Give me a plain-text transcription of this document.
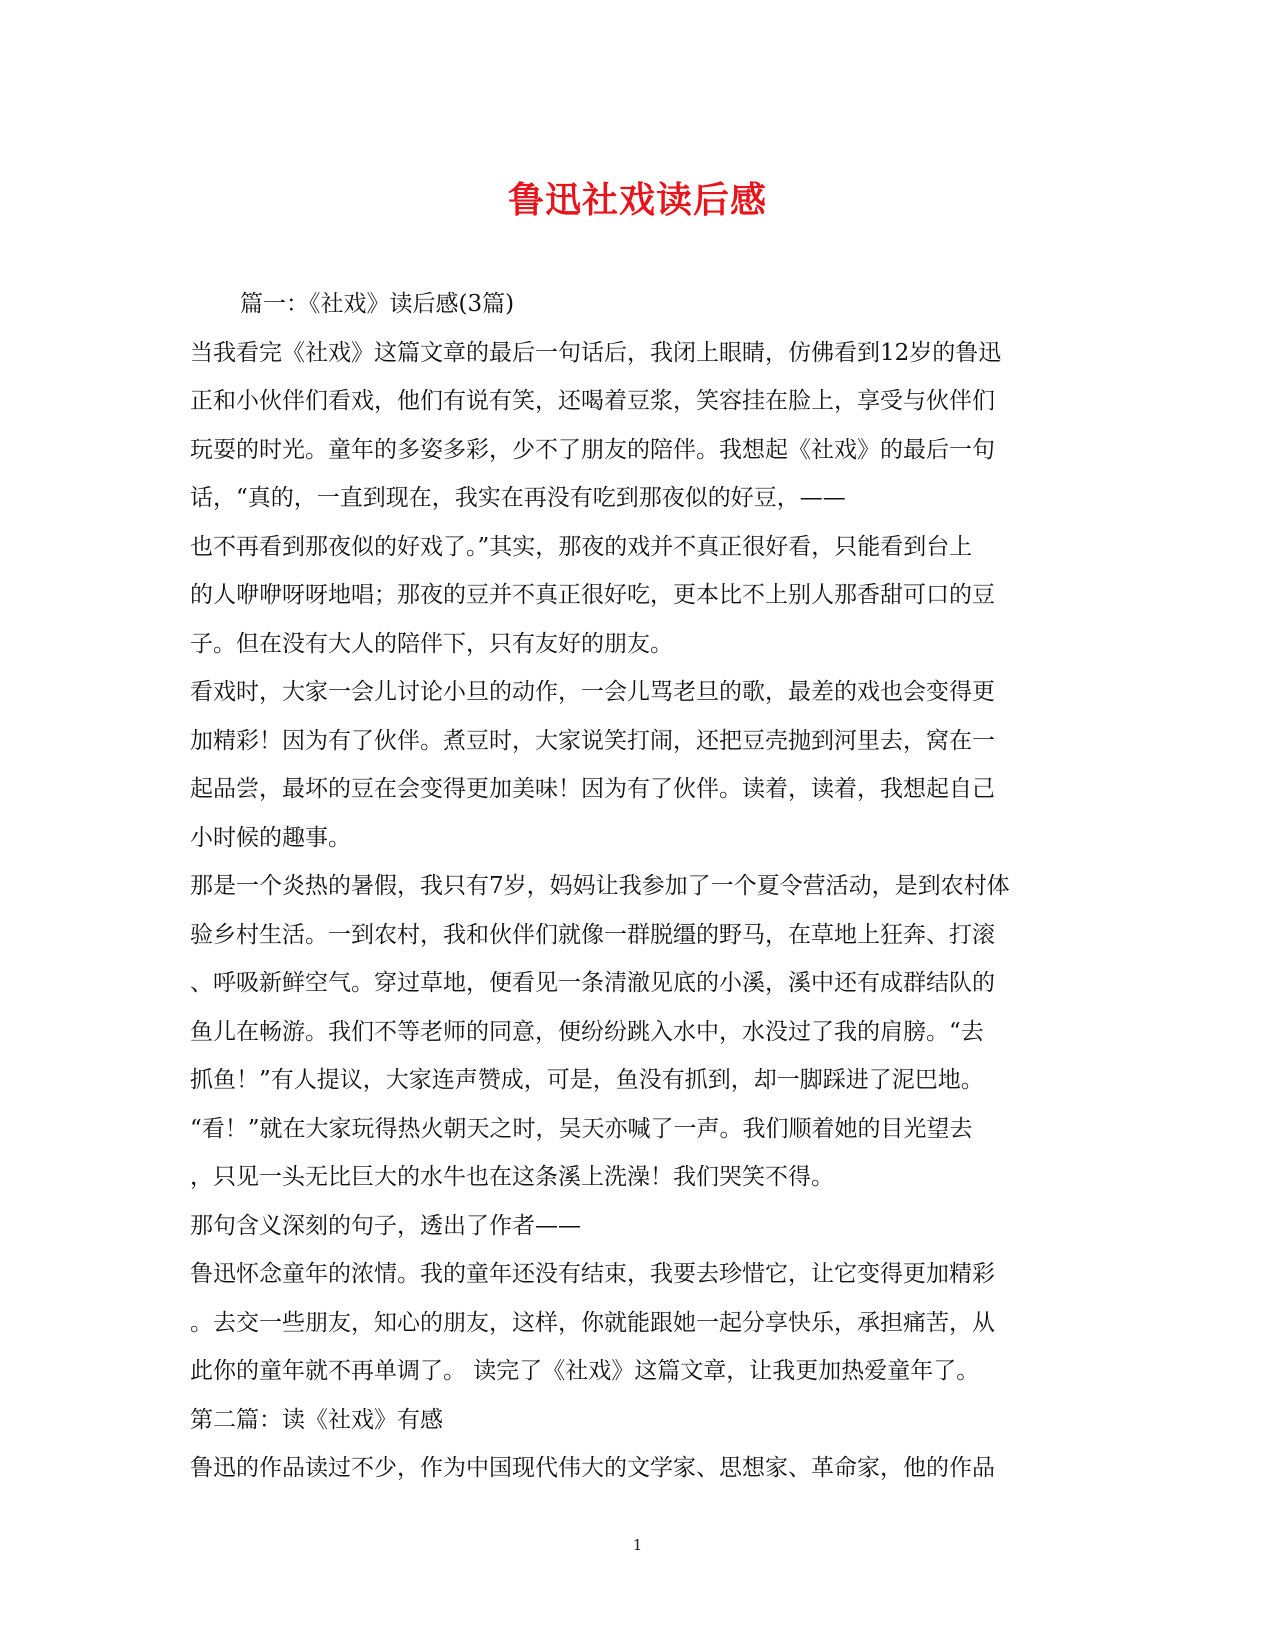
鲁迅社戏读后感
篇一：《社戏》读后感(3篇)
当我看完《社戏》这篇文章的最后一句话后，我闭上眼睛，仿佛看到12岁的鲁迅
正和小伙伴们看戏，他们有说有笑，还喝着豆浆，笑容挂在脸上，享受与伙伴们
玩耍的时光。童年的多姿多彩，少不了朋友的陪伴。我想起《社戏》的最后一句
话，“真的，一直到现在，我实在再没有吃到那夜似的好豆，——
也不再看到那夜似的好戏了。”其实，那夜的戏并不真正很好看，只能看到台上
的人咿咿呀呀地唱；那夜的豆并不真正很好吃，更本比不上别人那香甜可口的豆
子。但在没有大人的陪伴下，只有友好的朋友。
看戏时，大家一会儿讨论小旦的动作，一会儿骂老旦的歌，最差的戏也会变得更
加精彩！因为有了伙伴。煮豆时，大家说笑打闹，还把豆壳抛到河里去，窝在一
起品尝，最坏的豆在会变得更加美味！因为有了伙伴。读着，读着，我想起自己
小时候的趣事。
那是一个炎热的暑假，我只有7岁，妈妈让我参加了一个夏令营活动，是到农村体
验乡村生活。一到农村，我和伙伴们就像一群脱缰的野马，在草地上狂奔、打滚
、呼吸新鲜空气。穿过草地，便看见一条清澈见底的小溪，溪中还有成群结队的
鱼儿在畅游。我们不等老师的同意，便纷纷跳入水中，水没过了我的肩膀。“去
抓鱼！”有人提议，大家连声赞成，可是，鱼没有抓到，却一脚踩进了泥巴地。
“看！”就在大家玩得热火朝天之时，吴天亦喊了一声。我们顺着她的目光望去
，只见一头无比巨大的水牛也在这条溪上洗澡！我们哭笑不得。
那句含义深刻的句子，透出了作者——
鲁迅怀念童年的浓情。我的童年还没有结束，我要去珍惜它，让它变得更加精彩
。去交一些朋友，知心的朋友，这样，你就能跟她一起分享快乐，承担痛苦，从
此你的童年就不再单调了。 读完了《社戏》这篇文章，让我更加热爱童年了。
第二篇：读《社戏》有感
鲁迅的作品读过不少，作为中国现代伟大的文学家、思想家、革命家，他的作品
1
